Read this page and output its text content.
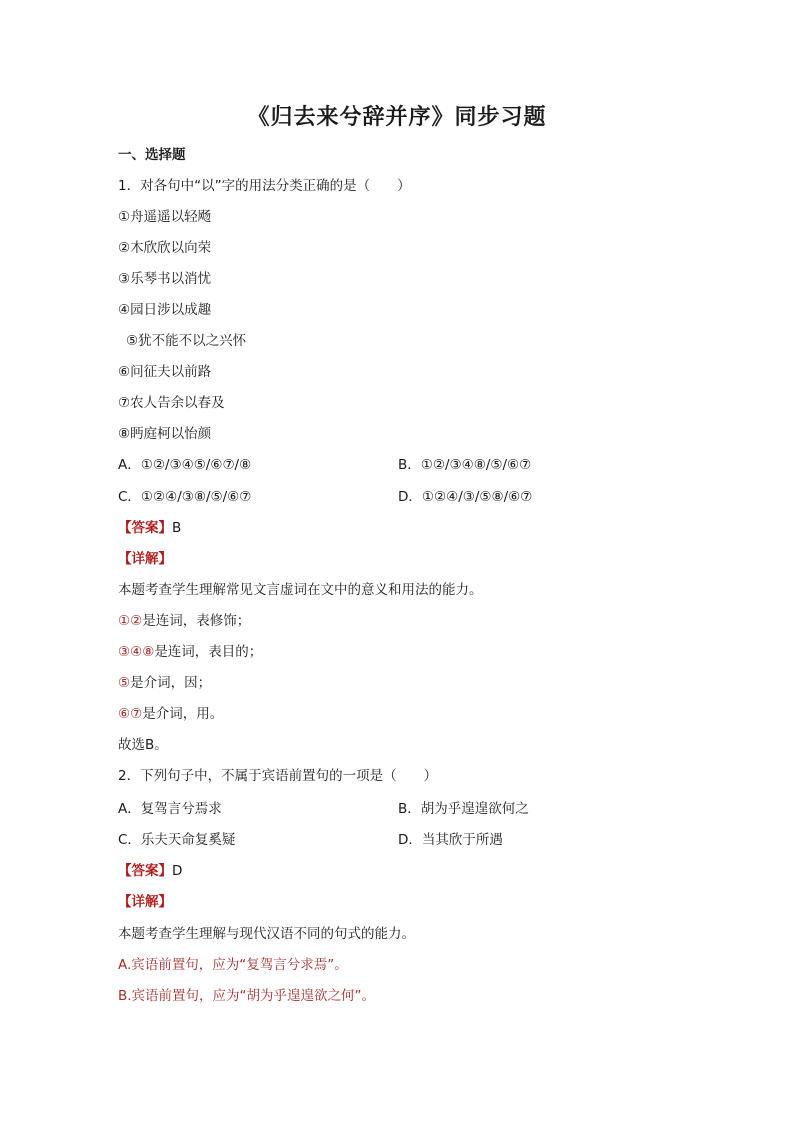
《归去来兮辞并序》同步习题
一、选择题
1．对各句中“以”字的用法分类正确的是（　　）
①舟遥遥以轻飏
②木欣欣以向荣
③乐琴书以消忧
④园日涉以成趣
⑤犹不能不以之兴怀
⑥问征夫以前路
⑦农人告余以春及
⑧眄庭柯以怡颜
A．①②/③④⑤/⑥⑦/⑧	B．①②/③④⑧/⑤/⑥⑦
C．①②④/③⑧/⑤/⑥⑦	D．①②④/③/⑤⑧/⑥⑦
【答案】B
【详解】
本题考查学生理解常见文言虚词在文中的意义和用法的能力。
①②是连词，表修饰；
③④⑧是连词，表目的；
⑤是介词，因；
⑥⑦是介词，用。
故选B。
2．下列句子中，不属于宾语前置句的一项是（　　）
A．复驾言兮焉求	B．胡为乎遑遑欲何之
C．乐夫天命复奚疑	D．当其欣于所遇
【答案】D
【详解】
本题考查学生理解与现代汉语不同的句式的能力。
A.宾语前置句，应为“复驾言兮求焉”。
B.宾语前置句，应为“胡为乎遑遑欲之何”。
